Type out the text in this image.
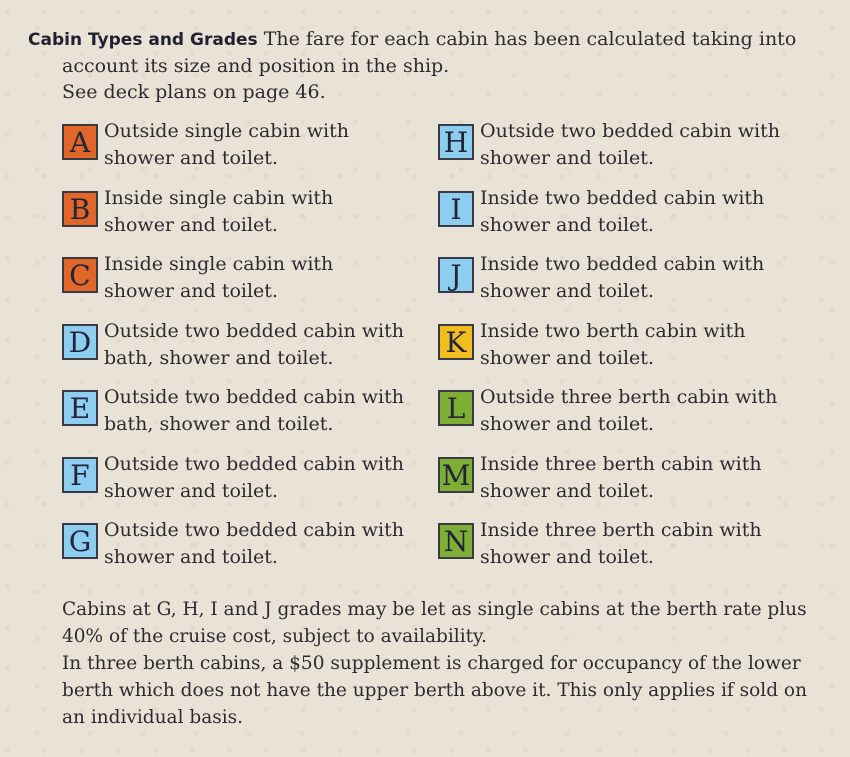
Cabin Types and Grades The fare for each cabin has been calculated taking into
account its size and position in the ship.
See deck plans on page 46.
A Outside single cabin with
shower and toilet.
B Inside single cabin with
shower and toilet.
C Inside single cabin with
shower and toilet.
D Outside two bedded cabin with
bath, shower and toilet.
E Outside two bedded cabin with
bath, shower and toilet.
F Outside two bedded cabin with
shower and toilet.
G Outside two bedded cabin with
shower and toilet.
H Outside two bedded cabin with
shower and toilet.
I Inside two bedded cabin with
shower and toilet.
J Inside two bedded cabin with
shower and toilet.
K Inside two berth cabin with
shower and toilet.
L Outside three berth cabin with
shower and toilet.
M Inside three berth cabin with
shower and toilet.
N Inside three berth cabin with
shower and toilet.

Cabins at G, H, I and J grades may be let as single cabins at the berth rate plus 40% of the cruise cost, subject to availability.

In three berth cabins, a $50 supplement is charged for occupancy of the lower berth which does not have the upper berth above it. This only applies if sold on an individual basis.
